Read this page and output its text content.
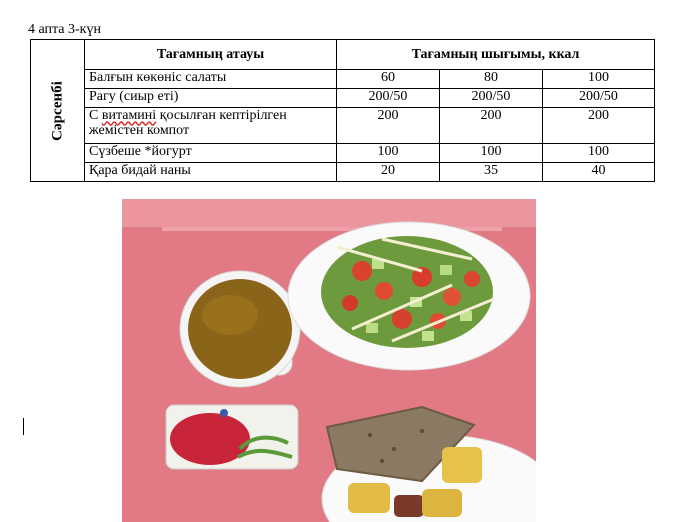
4 апта 3-күн
Сәрсенбі	Тағамның атауы	Тағамның шығымы, ккал		
	Балғын көкөніс салаты	60	80	100
	Рагу (сиыр еті)	200/50	200/50	200/50
	С витамині қосылған кептірілген жемістен компот	200	200	200
	Сүзбеше *йогурт	100	100	100
	Қара бидай наны	20	35	40
